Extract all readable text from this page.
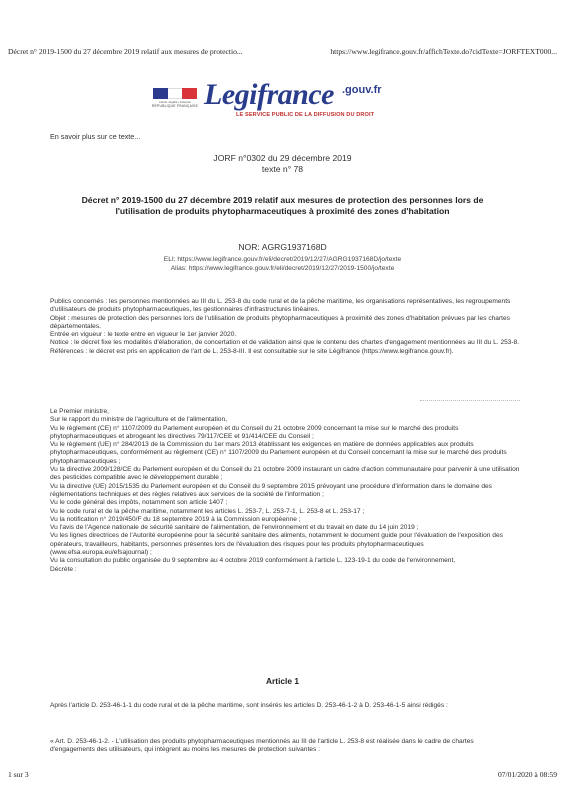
Décret n° 2019-1500 du 27 décembre 2019 relatif aux mesures de protectio...	https://www.legifrance.gouv.fr/affichTexte.do?cidTexte=JORFTEXT000...
Liberté • Égalité • Fraternité
RÉPUBLIQUE FRANÇAISE Legifrance .gouv.fr
LE SERVICE PUBLIC DE LA DIFFUSION DU DROIT
En savoir plus sur ce texte...
JORF n°0302 du 29 décembre 2019
texte n° 78
Décret n° 2019-1500 du 27 décembre 2019 relatif aux mesures de protection des personnes lors de l'utilisation de produits phytopharmaceutiques à proximité des zones d'habitation
NOR: AGRG1937168D
ELI: https://www.legifrance.gouv.fr/eli/decret/2019/12/27/AGRG1937168D/jo/texte
Alias: https://www.legifrance.gouv.fr/eli/decret/2019/12/27/2019-1500/jo/texte

Publics concernés : les personnes mentionnées au III du L. 253-8 du code rural et de la pêche maritime, les organisations représentatives, les regroupements d'utilisateurs de produits phytopharmaceutiques, les gestionnaires d'infrastructures linéaires.

Objet : mesures de protection des personnes lors de l'utilisation de produits phytopharmaceutiques à proximité des zones d'habitation prévues par les chartes départementales.

Entrée en vigueur : le texte entre en vigueur le 1er janvier 2020.

Notice : le décret fixe les modalités d'élaboration, de concertation et de validation ainsi que le contenu des chartes d'engagement mentionnées au III du L. 253-8.

Références : le décret est pris en application de l'art de L. 253-8-III. Il est consultable sur le site Légifrance (https://www.legifrance.gouv.fr).

Le Premier ministre,

Sur le rapport du ministre de l'agriculture et de l'alimentation,

Vu le règlement (CE) n° 1107/2009 du Parlement européen et du Conseil du 21 octobre 2009 concernant la mise sur le marché des produits phytopharmaceutiques et abrogeant les directives 79/117/CEE et 91/414/CEE du Conseil ;

Vu le règlement (UE) n° 284/2013 de la Commission du 1er mars 2013 établissant les exigences en matière de données applicables aux produits phytopharmaceutiques, conformément au règlement (CE) n° 1107/2009 du Parlement européen et du Conseil concernant la mise sur le marché des produits phytopharmaceutiques ;

Vu la directive 2009/128/CE du Parlement européen et du Conseil du 21 octobre 2009 instaurant un cadre d'action communautaire pour parvenir à une utilisation des pesticides compatible avec le développement durable ;

Vu la directive (UE) 2015/1535 du Parlement européen et du Conseil du 9 septembre 2015 prévoyant une procédure d'information dans le domaine des réglementations techniques et des règles relatives aux services de la société de l'information ;

Vu le code général des impôts, notamment son article 1407 ;

Vu le code rural et de la pêche maritime, notamment les articles L. 253-7, L. 253-7-1, L. 253-8 et L. 253-17 ;

Vu la notification n° 2019/450/F du 18 septembre 2019 à la Commission européenne ;

Vu l'avis de l'Agence nationale de sécurité sanitaire de l'alimentation, de l'environnement et du travail en date du 14 juin 2019 ;

Vu les lignes directrices de l'Autorité européenne pour la sécurité sanitaire des aliments, notamment le document guide pour l'évaluation de l'exposition des opérateurs, travailleurs, habitants, personnes présentes lors de l'évaluation des risques pour les produits phytopharmaceutiques (www.efsa.europa.eu/efsajournal) ;

Vu la consultation du public organisée du 9 septembre au 4 octobre 2019 conformément à l'article L. 123-19-1 du code de l'environnement,

Décrète :

Article 1

Après l'article D. 253-46-1-1 du code rural et de la pêche maritime, sont insérés les articles D. 253-46-1-2 à D. 253-46-1-5 ainsi rédigés :

« Art. D. 253-46-1-2. - L'utilisation des produits phytopharmaceutiques mentionnés au III de l'article L. 253-8 est réalisée dans le cadre de chartes d'engagements des utilisateurs, qui intègrent au moins les mesures de protection suivantes :

1 sur 3	07/01/2020 à 08:59
